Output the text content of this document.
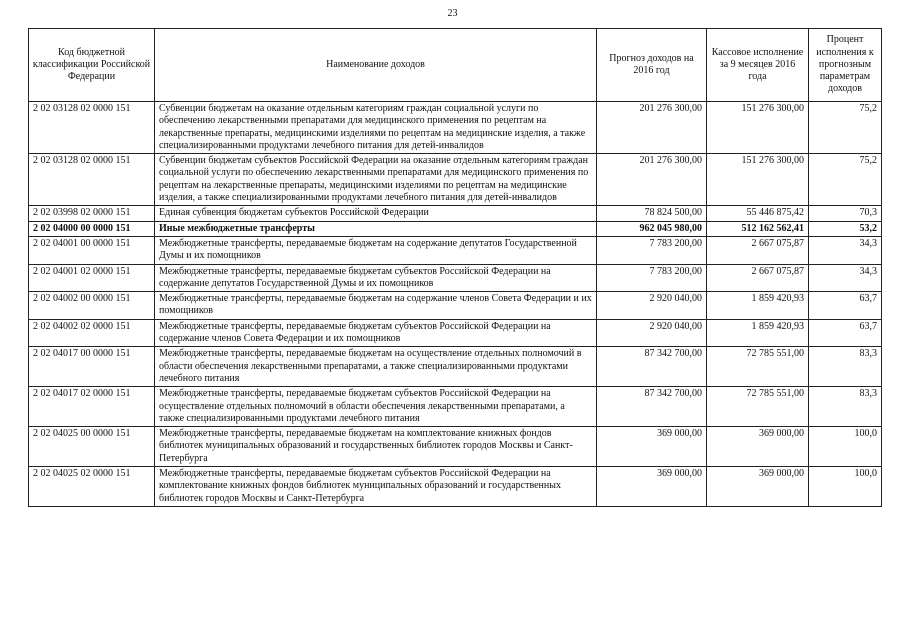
23
Код бюджетной классификации Российской Федерации	Наименование доходов	Прогноз доходов на 2016 год	Кассовое исполнение за 9 месяцев 2016 года	Процент исполнения к прогнозным параметрам доходов
2 02 03128 02 0000 151	Субвенции бюджетам на оказание отдельным категориям граждан социальной услуги по обеспечению лекарственными препаратами для медицинского применения по рецептам на лекарственные препараты, медицинскими изделиями по рецептам на медицинские изделия, а также специализированными продуктами лечебного питания для детей-инвалидов	201 276 300,00	151 276 300,00	75,2
2 02 03128 02 0000 151	Субвенции бюджетам субъектов Российской Федерации на оказание отдельным категориям граждан социальной услуги по обеспечению лекарственными препаратами для медицинского применения по рецептам на лекарственные препараты, медицинскими изделиями по рецептам на медицинские изделия, а также специализированными продуктами лечебного питания для детей-инвалидов	201 276 300,00	151 276 300,00	75,2
2 02 03998 02 0000 151	Единая субвенция бюджетам субъектов Российской Федерации	78 824 500,00	55 446 875,42	70,3
2 02 04000 00 0000 151	Иные межбюджетные трансферты	962 045 980,00	512 162 562,41	53,2
2 02 04001 00 0000 151	Межбюджетные трансферты, передаваемые бюджетам на содержание депутатов Государственной Думы и их помощников	7 783 200,00	2 667 075,87	34,3
2 02 04001 02 0000 151	Межбюджетные трансферты, передаваемые бюджетам субъектов Российской Федерации на содержание депутатов Государственной Думы и их помощников	7 783 200,00	2 667 075,87	34,3
2 02 04002 00 0000 151	Межбюджетные трансферты, передаваемые бюджетам на содержание членов Совета Федерации и их помощников	2 920 040,00	1 859 420,93	63,7
2 02 04002 02 0000 151	Межбюджетные трансферты, передаваемые бюджетам субъектов Российской Федерации на содержание членов Совета Федерации и их помощников	2 920 040,00	1 859 420,93	63,7
2 02 04017 00 0000 151	Межбюджетные трансферты, передаваемые бюджетам на осуществление отдельных полномочий в области обеспечения лекарственными препаратами, а также специализированными продуктами лечебного питания	87 342 700,00	72 785 551,00	83,3
2 02 04017 02 0000 151	Межбюджетные трансферты, передаваемые бюджетам субъектов Российской Федерации на осуществление отдельных полномочий в области обеспечения лекарственными препаратами, а также специализированными продуктами лечебного питания	87 342 700,00	72 785 551,00	83,3
2 02 04025 00 0000 151	Межбюджетные трансферты, передаваемые бюджетам на комплектование книжных фондов библиотек муниципальных образований и государственных библиотек городов Москвы и Санкт-Петербурга	369 000,00	369 000,00	100,0
2 02 04025 02 0000 151	Межбюджетные трансферты, передаваемые бюджетам субъектов Российской Федерации на комплектование книжных фондов библиотек муниципальных образований и государственных библиотек городов Москвы и Санкт-Петербурга	369 000,00	369 000,00	100,0
